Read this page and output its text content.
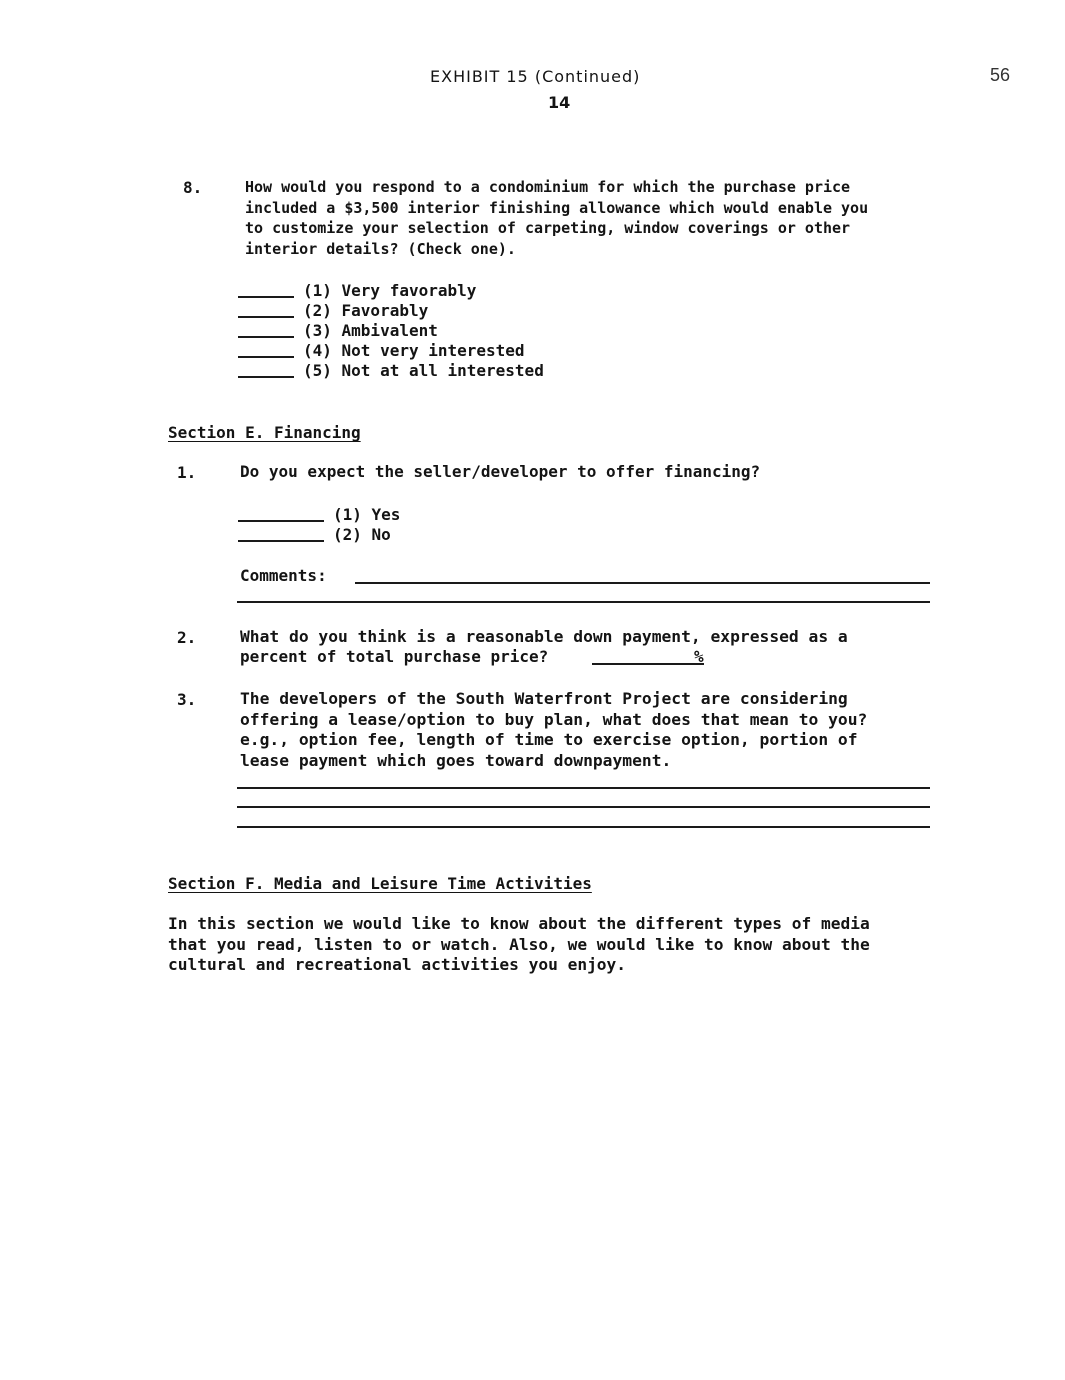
EXHIBIT 15 (Continued)
14
56
8.	How would you respond to a condominium for which the purchase price
included a $3,500 interior finishing allowance which would enable you
to customize your selection of carpeting, window coverings or other
interior details? (Check one).
(1) Very favorably
(2) Favorably
(3) Ambivalent
(4) Not very interested
(5) Not at all interested
Section E. Financing
1.	Do you expect the seller/developer to offer financing?
(1) Yes
(2) No
Comments:
2.	What do you think is a reasonable down payment, expressed as a
percent of total purchase price?	%
3.	The developers of the South Waterfront Project are considering
offering a lease/option to buy plan, what does that mean to you?
e.g., option fee, length of time to exercise option, portion of
lease payment which goes toward downpayment.
Section F. Media and Leisure Time Activities
In this section we would like to know about the different types of media
that you read, listen to or watch. Also, we would like to know about the
cultural and recreational activities you enjoy.
